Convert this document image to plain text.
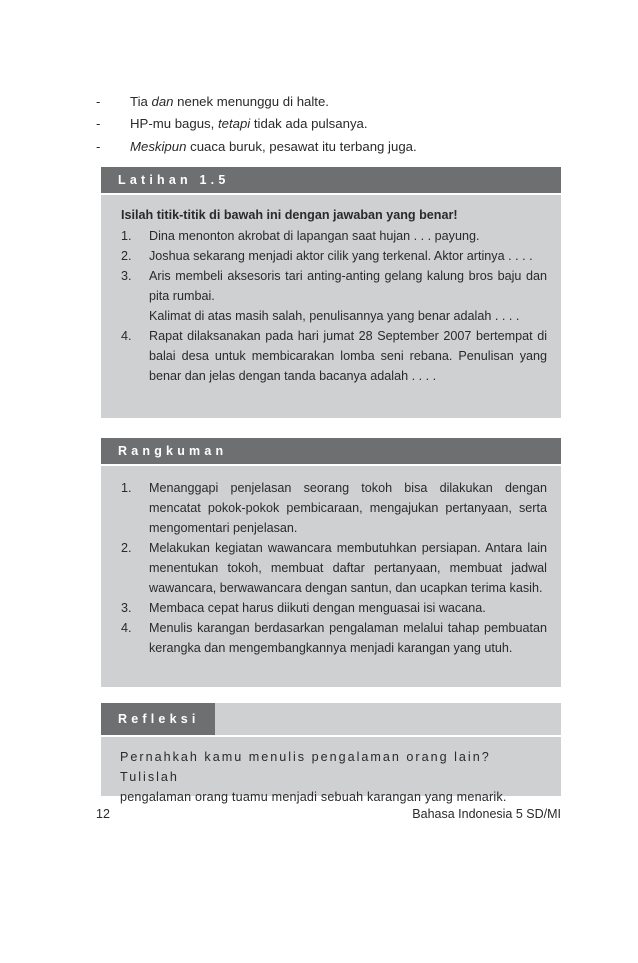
-	Tia dan nenek menunggu di halte.
-	HP-mu bagus, tetapi tidak ada pulsanya.
-	Meskipun cuaca buruk, pesawat itu terbang juga.
Latihan 1.5
Isilah titik-titik di bawah ini dengan jawaban yang benar!
1.	Dina menonton akrobat di lapangan saat hujan . . . payung.
2.	Joshua sekarang menjadi aktor cilik yang terkenal. Aktor artinya . . . .
3.	Aris membeli aksesoris tari anting-anting gelang kalung bros baju dan pita rumbai.
Kalimat di atas masih salah, penulisannya yang benar adalah . . . .
4.	Rapat dilaksanakan pada hari jumat 28 September 2007 bertempat di balai desa untuk membicarakan lomba seni rebana. Penulisan yang benar dan jelas dengan tanda bacanya adalah . . . .
Rangkuman
1.	Menanggapi penjelasan seorang tokoh bisa dilakukan dengan mencatat pokok-pokok pembicaraan, mengajukan pertanyaan, serta mengomentari penjelasan.
2.	Melakukan kegiatan wawancara membutuhkan persiapan. Antara lain menentukan tokoh, membuat daftar pertanyaan, membuat jadwal wawancara, berwawancara dengan santun, dan ucapkan terima kasih.
3.	Membaca cepat harus diikuti dengan menguasai isi wacana.
4.	Menulis karangan berdasarkan pengalaman melalui tahap pembuatan kerangka dan mengembangkannya menjadi karangan yang utuh.
Refleksi
Pernahkah kamu menulis pengalaman orang lain? Tulislah
pengalaman orang tuamu menjadi sebuah karangan yang menarik.
12	Bahasa Indonesia 5 SD/MI
